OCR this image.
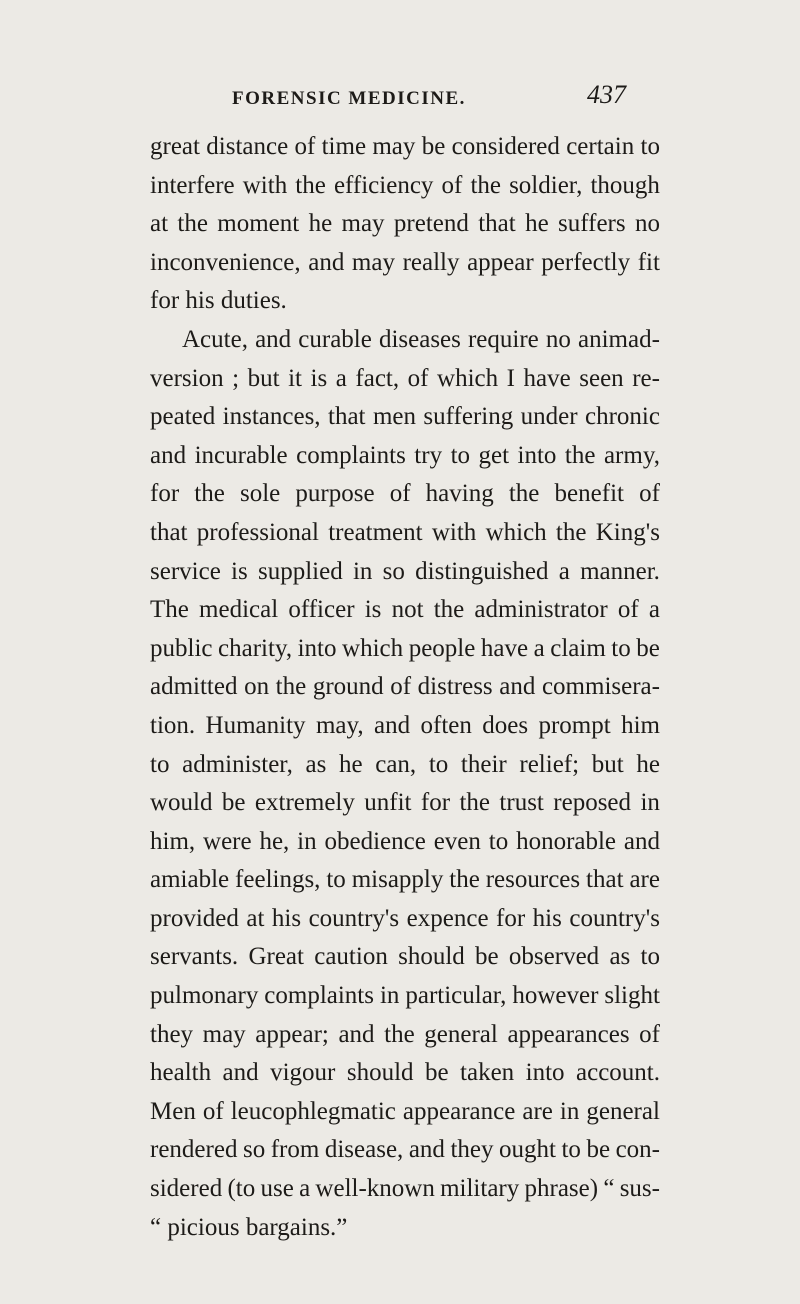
FORENSIC MEDICINE.	437
great distance of time may be considered certain to
interfere with the efficiency of the soldier, though
at the moment he may pretend that he suffers no
inconvenience, and may really appear perfectly fit
for his duties.
Acute, and curable diseases require no animad-
version ; but it is a fact, of which I have seen re-
peated instances, that men suffering under chronic
and incurable complaints try to get into the army,
for the sole purpose of having the benefit of
that professional treatment with which the King's
service is supplied in so distinguished a manner.
The medical officer is not the administrator of a
public charity, into which people have a claim to be
admitted on the ground of distress and commisera-
tion. Humanity may, and often does prompt him
to administer, as he can, to their relief; but he
would be extremely unfit for the trust reposed in
him, were he, in obedience even to honorable and
amiable feelings, to misapply the resources that are
provided at his country's expence for his country's
servants. Great caution should be observed as to
pulmonary complaints in particular, however slight
they may appear; and the general appearances of
health and vigour should be taken into account.
Men of leucophlegmatic appearance are in general
rendered so from disease, and they ought to be con-
sidered (to use a well-known military phrase) “ sus-
“ picious bargains.”
